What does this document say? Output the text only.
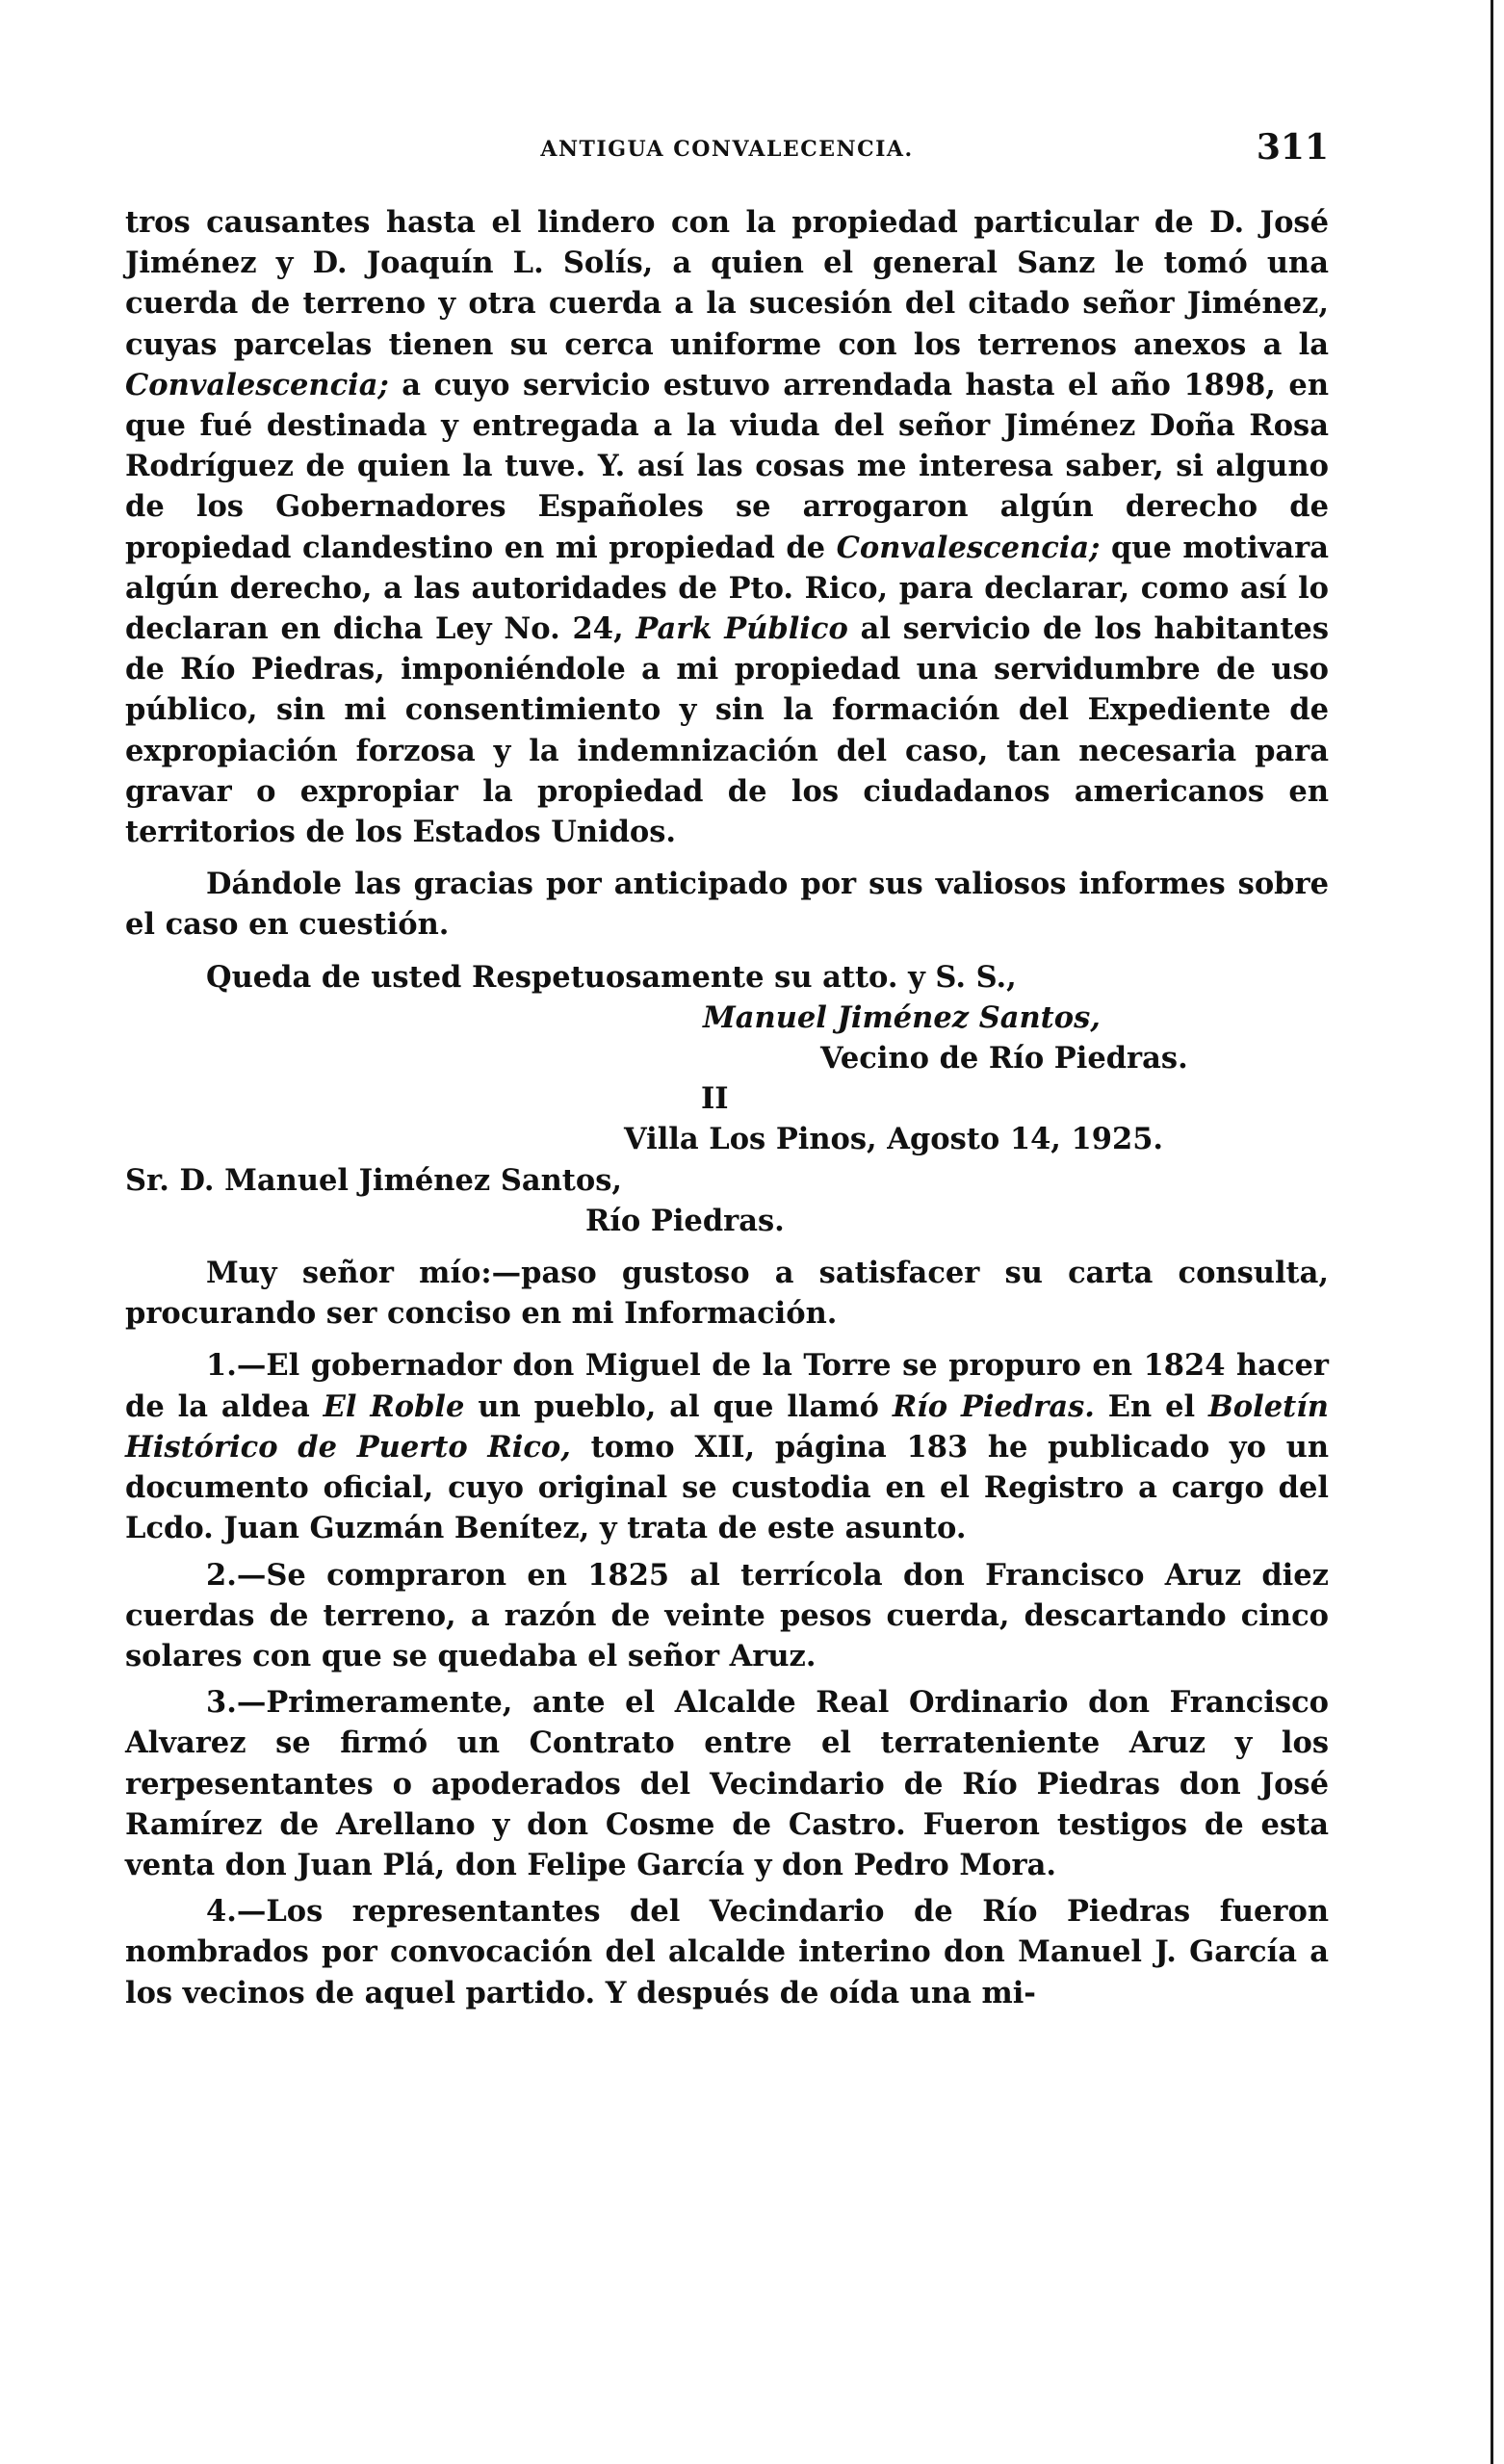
ANTIGUA CONVALECENCIA.	311

tros causantes hasta el lindero con la propiedad particular de D. José Jiménez y D. Joaquín L. Solís, a quien el general Sanz le tomó una cuerda de terreno y otra cuerda a la sucesión del citado señor Jiménez, cuyas parcelas tienen su cerca uniforme con los terrenos anexos a la Convalescencia; a cuyo servicio estuvo arrendada hasta el año 1898, en que fué destinada y entregada a la viuda del señor Jiménez Doña Rosa Rodríguez de quien la tuve. Y. así las cosas me interesa saber, si alguno de los Gobernadores Españoles se arrogaron algún derecho de propiedad clandestino en mi propiedad de Convalescencia; que motivara algún derecho, a las autoridades de Pto. Rico, para declarar, como así lo declaran en dicha Ley No. 24, Park Público al servicio de los habitantes de Río Piedras, imponiéndole a mi propiedad una servidumbre de uso público, sin mi consentimiento y sin la formación del Expediente de expropiación forzosa y la indemnización del caso, tan necesaria para gravar o expropiar la propiedad de los ciudadanos americanos en territorios de los Estados Unidos.

Dándole las gracias por anticipado por sus valiosos informes sobre el caso en cuestión.

Queda de usted Respetuosamente su atto. y S. S.,

Manuel Jiménez Santos,

Vecino de Río Piedras.

II

Villa Los Pinos, Agosto 14, 1925.

Sr. D. Manuel Jiménez Santos,

Río Piedras.

Muy señor mío:—paso gustoso a satisfacer su carta consulta, procurando ser conciso en mi Información.

1.—El gobernador don Miguel de la Torre se propuro en 1824 hacer de la aldea El Roble un pueblo, al que llamó Río Piedras. En el Boletín Histórico de Puerto Rico, tomo XII, página 183 he publicado yo un documento oficial, cuyo original se custodia en el Registro a cargo del Lcdo. Juan Guzmán Benítez, y trata de este asunto.

2.—Se compraron en 1825 al terrícola don Francisco Aruz diez cuerdas de terreno, a razón de veinte pesos cuerda, descartando cinco solares con que se quedaba el señor Aruz.

3.—Primeramente, ante el Alcalde Real Ordinario don Francisco Alvarez se firmó un Contrato entre el terrateniente Aruz y los rerpesentantes o apoderados del Vecindario de Río Piedras don José Ramírez de Arellano y don Cosme de Castro. Fueron testigos de esta venta don Juan Plá, don Felipe García y don Pedro Mora.

4.—Los representantes del Vecindario de Río Piedras fueron nombrados por convocación del alcalde interino don Manuel J. García a los vecinos de aquel partido. Y después de oída una mi-
